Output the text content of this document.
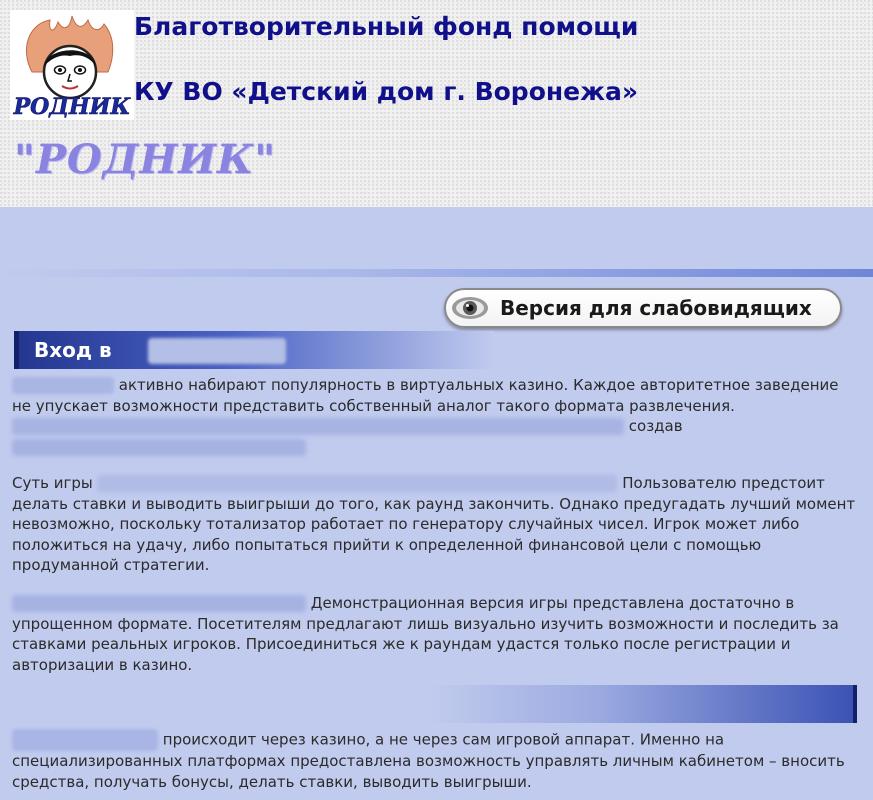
РОДНИК
Благотворительный фонд помощи
КУ ВО «Детский дом г. Воронежа»
"РОДНИК"
Версия для слабовидящих
Вход в

активно набирают популярность в виртуальных казино. Каждое авторитетное заведение не упускает возможности представить собственный аналог такого формата развлечения.  создав

Суть игры	Пользователю предстоит делать ставки и выводить выигрыши до того, как раунд закончить. Однако предугадать лучший момент невозможно, поскольку тотализатор работает по генератору случайных чисел. Игрок может либо положиться на удачу, либо попытаться прийти к определенной финансовой цели с помощью продуманной стратегии.

Демонстрационная версия игры представлена достаточно в упрощенном формате. Посетителям предлагают лишь визуально изучить возможности и последить за ставками реальных игроков. Присоединиться же к раундам удастся только после регистрации и авторизации в казино.

происходит через казино, а не через сам игровой аппарат. Именно на специализированных платформах предоставлена возможность управлять личным кабинетом – вносить средства, получать бонусы, делать ставки, выводить выигрыши.
